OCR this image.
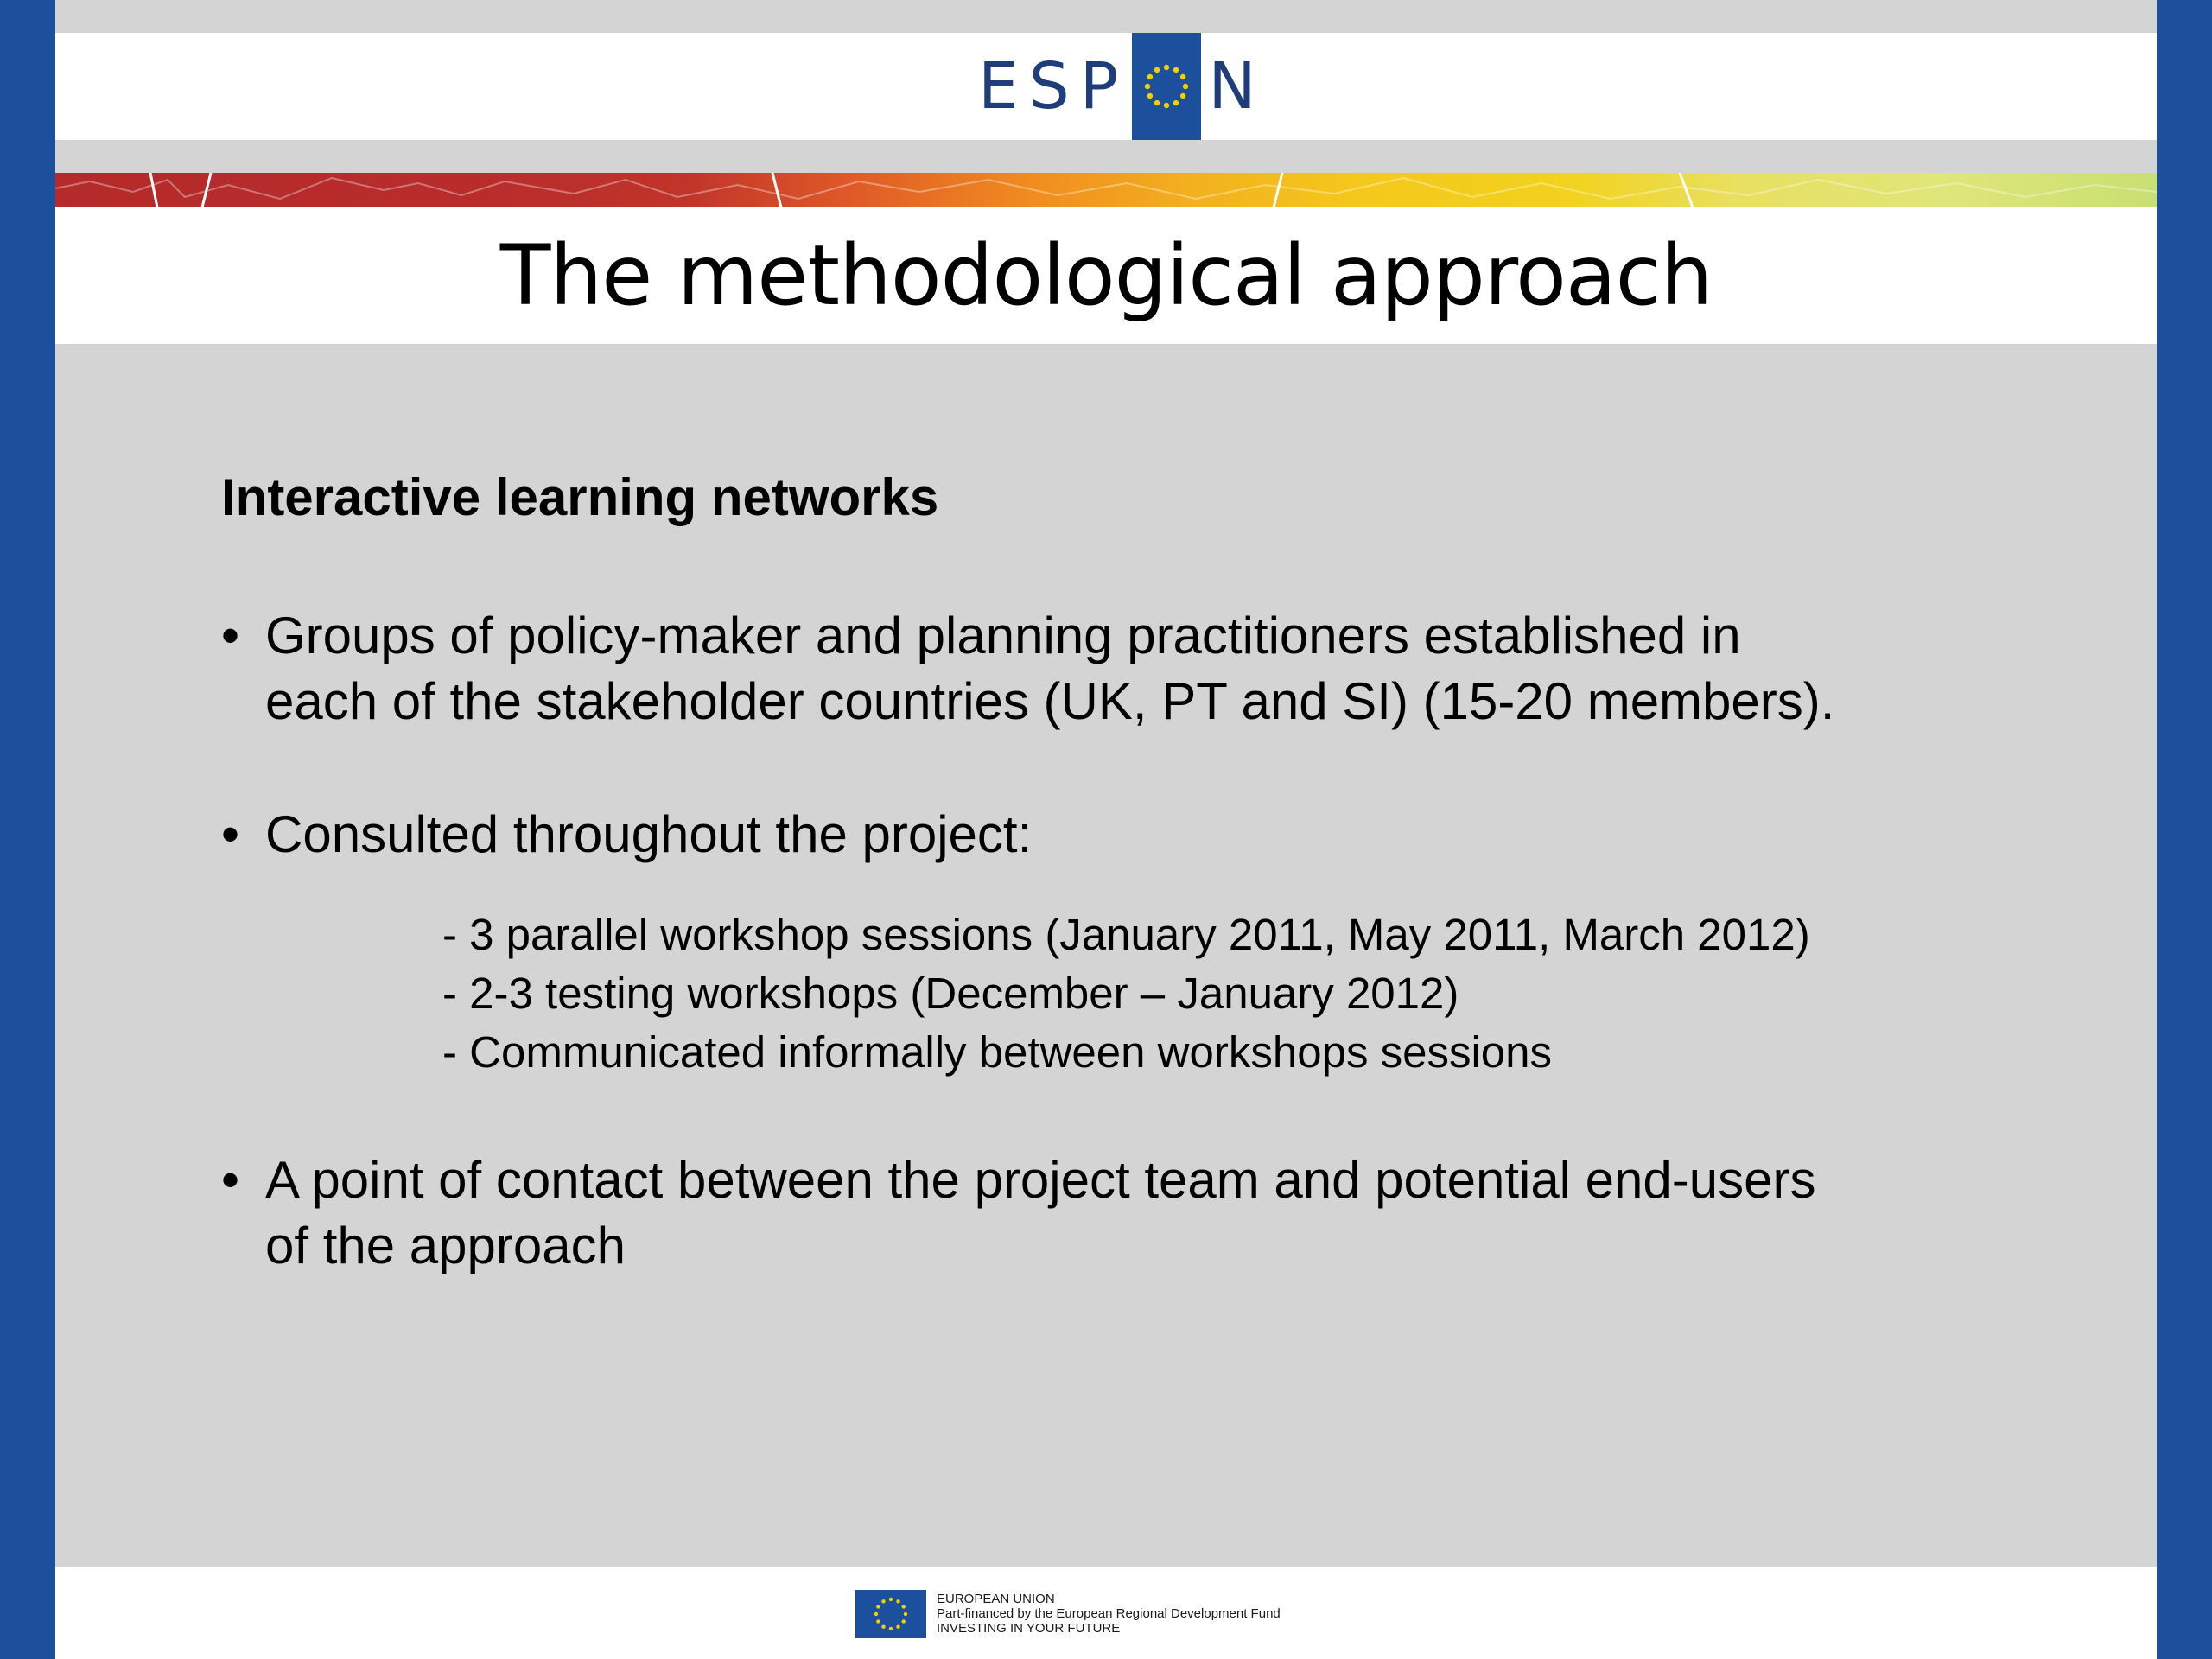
ESP N
The methodological approach
Interactive learning networks
• Groups of policy-maker and planning practitioners established in
each of the stakeholder countries (UK, PT and SI) (15-20 members).
• Consulted throughout the project:
- 3 parallel workshop sessions (January 2011, May 2011, March 2012)
- 2-3 testing workshops (December – January 2012)
- Communicated informally between workshops sessions
• A point of contact between the project team and potential end-users
of the approach
EUROPEAN UNION
Part-financed by the European Regional Development Fund
INVESTING IN YOUR FUTURE
